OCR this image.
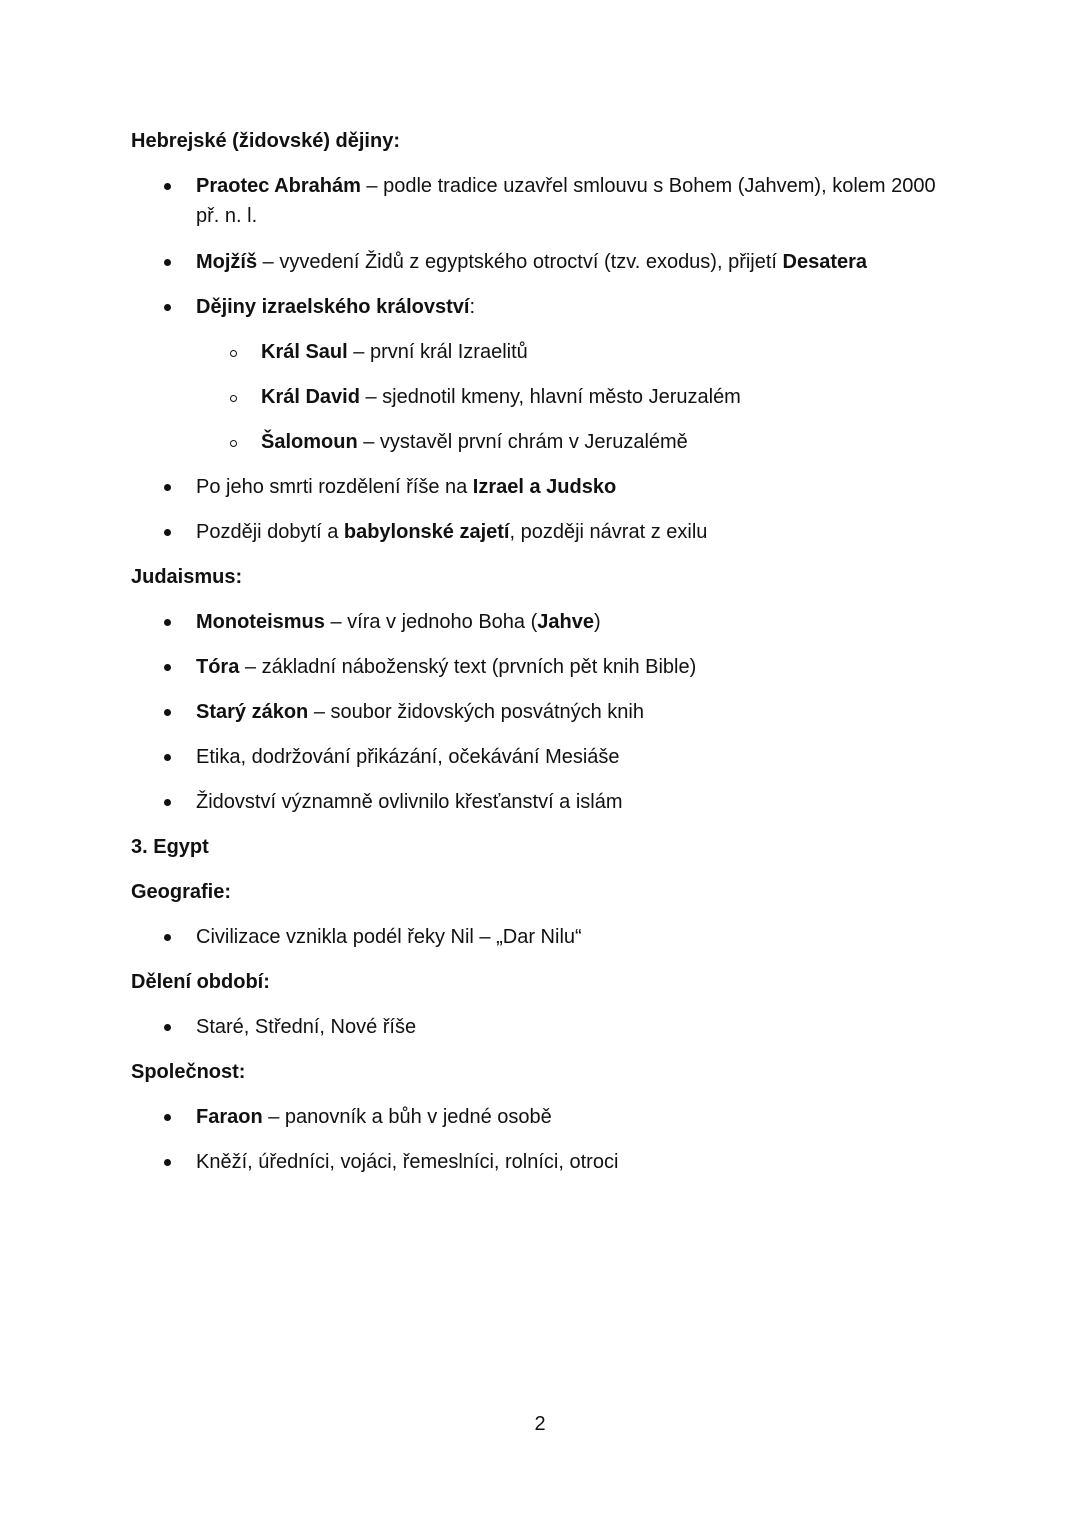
Hebrejské (židovské) dějiny:
Praotec Abrahám – podle tradice uzavřel smlouvu s Bohem (Jahvem), kolem 2000 př. n. l.
Mojžíš – vyvedení Židů z egyptského otroctví (tzv. exodus), přijetí Desatera
Dějiny izraelského království:
Král Saul – první král Izraelitů
Král David – sjednotil kmeny, hlavní město Jeruzalém
Šalomoun – vystavěl první chrám v Jeruzalémě
Po jeho smrti rozdělení říše na Izrael a Judsko
Později dobytí a babylonské zajetí, později návrat z exilu
Judaismus:
Monoteismus – víra v jednoho Boha (Jahve)
Tóra – základní náboženský text (prvních pět knih Bible)
Starý zákon – soubor židovských posvátných knih
Etika, dodržování přikázání, očekávání Mesiáše
Židovství významně ovlivnilo křesťanství a islám
3. Egypt
Geografie:
Civilizace vznikla podél řeky Nil – „Dar Nilu“
Dělení období:
Staré, Střední, Nové říše
Společnost:
Faraon – panovník a bůh v jedné osobě
Kněží, úředníci, vojáci, řemeslníci, rolníci, otroci
2
